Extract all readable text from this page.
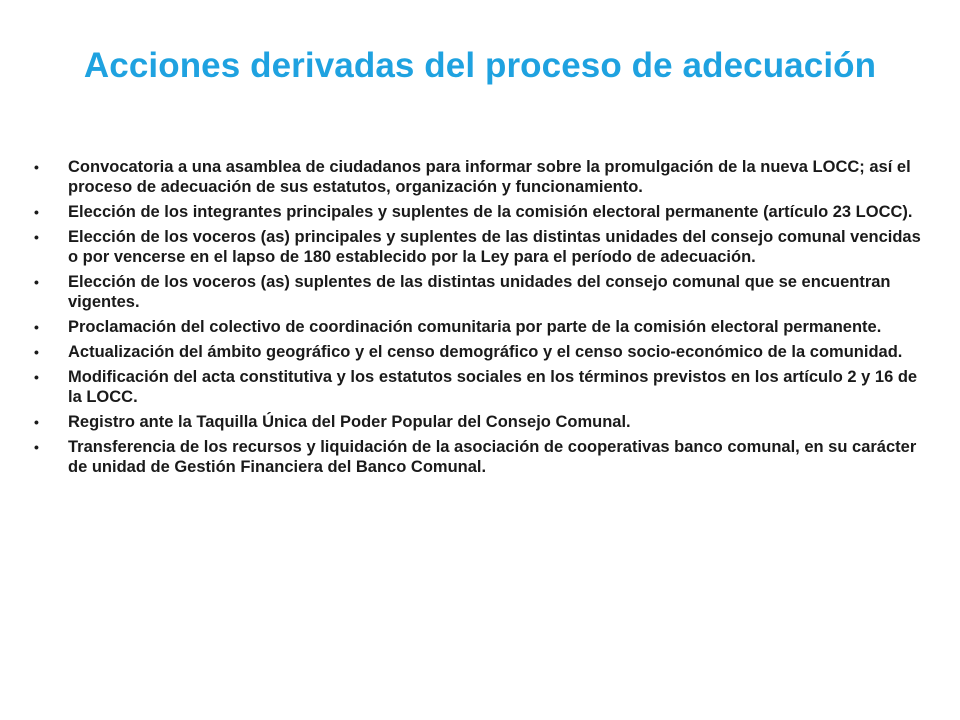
Acciones derivadas del proceso de adecuación
• Convocatoria a una asamblea de ciudadanos para informar sobre la promulgación de la nueva LOCC; así el proceso de adecuación de sus estatutos, organización y funcionamiento.
• Elección de los integrantes principales y suplentes de la comisión electoral permanente (artículo 23 LOCC).
• Elección de los voceros (as) principales y suplentes de las distintas unidades del consejo comunal vencidas o por vencerse en el lapso de 180 establecido por la Ley para el período de adecuación.
• Elección de los voceros (as) suplentes de las distintas unidades del consejo comunal que se encuentran vigentes.
• Proclamación del colectivo de coordinación comunitaria por parte de la comisión electoral permanente.
• Actualización del ámbito geográfico y el censo demográfico y el censo socio-económico de la comunidad.
• Modificación del acta constitutiva y los estatutos sociales en los términos previstos en los artículo 2 y 16 de la LOCC.
• Registro ante la Taquilla Única del Poder Popular del Consejo Comunal.
• Transferencia de los recursos y liquidación de la asociación de cooperativas banco comunal, en su carácter de unidad de Gestión Financiera del Banco Comunal.
